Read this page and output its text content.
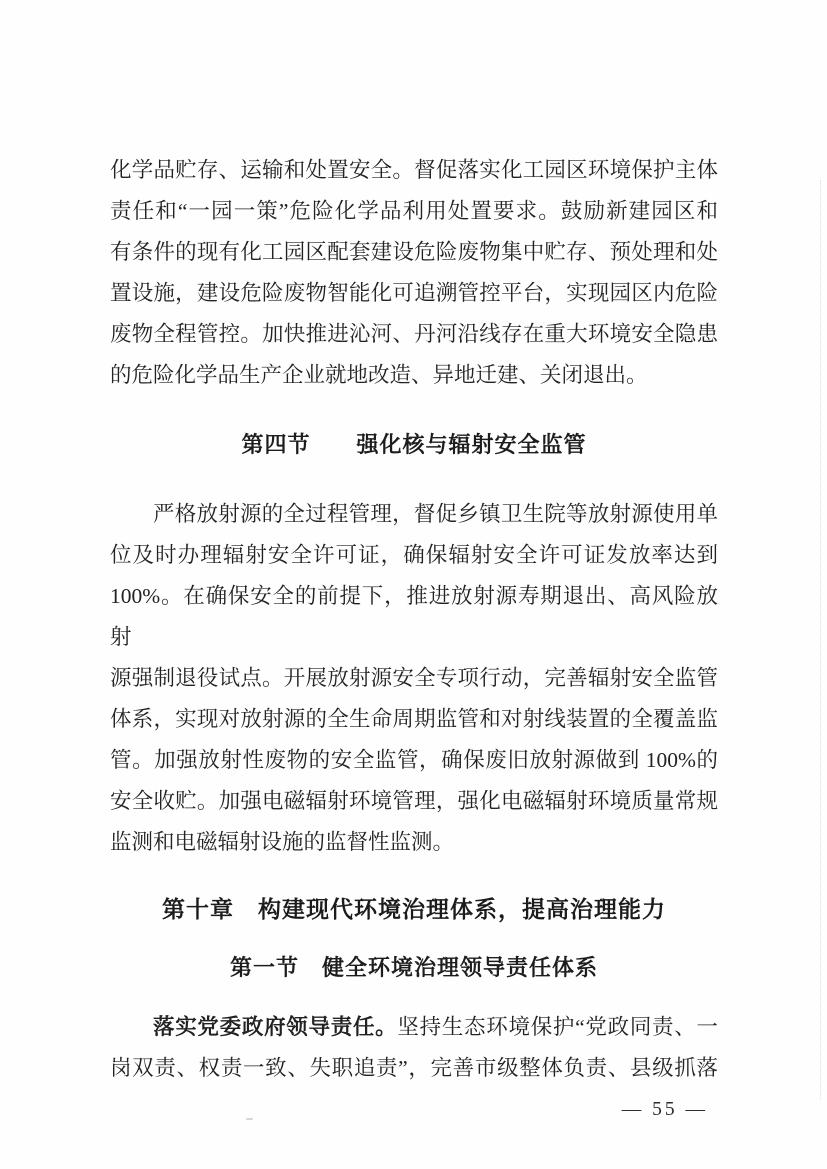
化学品贮存、运输和处置安全。督促落实化工园区环境保护主体
责任和“一园一策”危险化学品利用处置要求。鼓励新建园区和
有条件的现有化工园区配套建设危险废物集中贮存、预处理和处
置设施，建设危险废物智能化可追溯管控平台，实现园区内危险
废物全程管控。加快推进沁河、丹河沿线存在重大环境安全隐患
的危险化学品生产企业就地改造、异地迁建、关闭退出。
第四节　　强化核与辐射安全监管
严格放射源的全过程管理，督促乡镇卫生院等放射源使用单
位及时办理辐射安全许可证，确保辐射安全许可证发放率达到
100%。在确保安全的前提下，推进放射源寿期退出、高风险放射
源强制退役试点。开展放射源安全专项行动，完善辐射安全监管
体系，实现对放射源的全生命周期监管和对射线装置的全覆盖监
管。加强放射性废物的安全监管，确保废旧放射源做到 100%的
安全收贮。加强电磁辐射环境管理，强化电磁辐射环境质量常规
监测和电磁辐射设施的监督性监测。
第十章　构建现代环境治理体系，提高治理能力
第一节　健全环境治理领导责任体系
落实党委政府领导责任。坚持生态环境保护“党政同责、一
岗双责、权责一致、失职追责”，完善市级整体负责、县级抓落
— 55 —
